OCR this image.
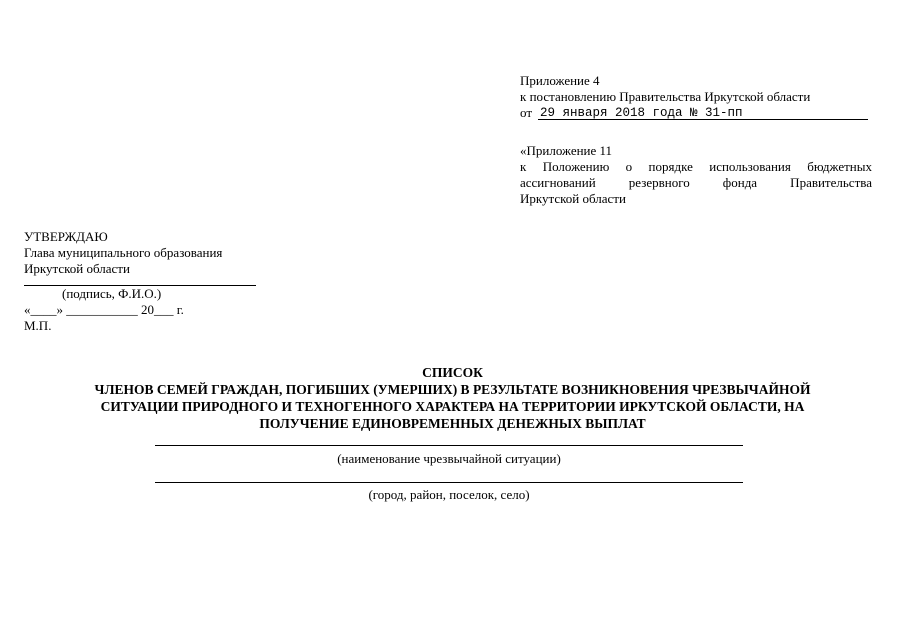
Приложение 4
к постановлению Правительства Иркутской области
от 29 января 2018 года № 31-пп
«Приложение 11
к Положению о порядке использования бюджетных
ассигнований резервного фонда Правительства
Иркутской области
УТВЕРЖДАЮ
Глава муниципального образования
Иркутской области
(подпись, Ф.И.О.)
«____» ___________ 20___ г.
М.П.
СПИСОК
ЧЛЕНОВ СЕМЕЙ ГРАЖДАН, ПОГИБШИХ (УМЕРШИХ) В РЕЗУЛЬТАТЕ ВОЗНИКНОВЕНИЯ ЧРЕЗВЫЧАЙНОЙ
СИТУАЦИИ ПРИРОДНОГО И ТЕХНОГЕННОГО ХАРАКТЕРА НА ТЕРРИТОРИИ ИРКУТСКОЙ ОБЛАСТИ, НА
ПОЛУЧЕНИЕ ЕДИНОВРЕМЕННЫХ ДЕНЕЖНЫХ ВЫПЛАТ
(наименование чрезвычайной ситуации)
(город, район, поселок, село)
